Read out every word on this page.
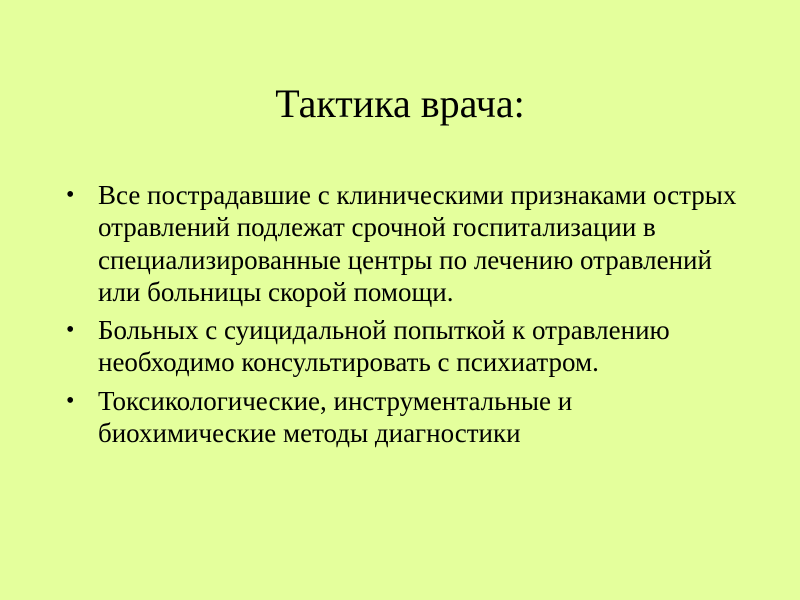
Тактика врача:
• Все пострадавшие с клиническими признаками острых отравлений подлежат срочной госпитализации в специализированные центры по лечению отравлений или больницы скорой помощи.
• Больных с суицидальной попыткой к отравлению необходимо консультировать с психиатром.
• Токсикологические, инструментальные и биохимические методы диагностики
